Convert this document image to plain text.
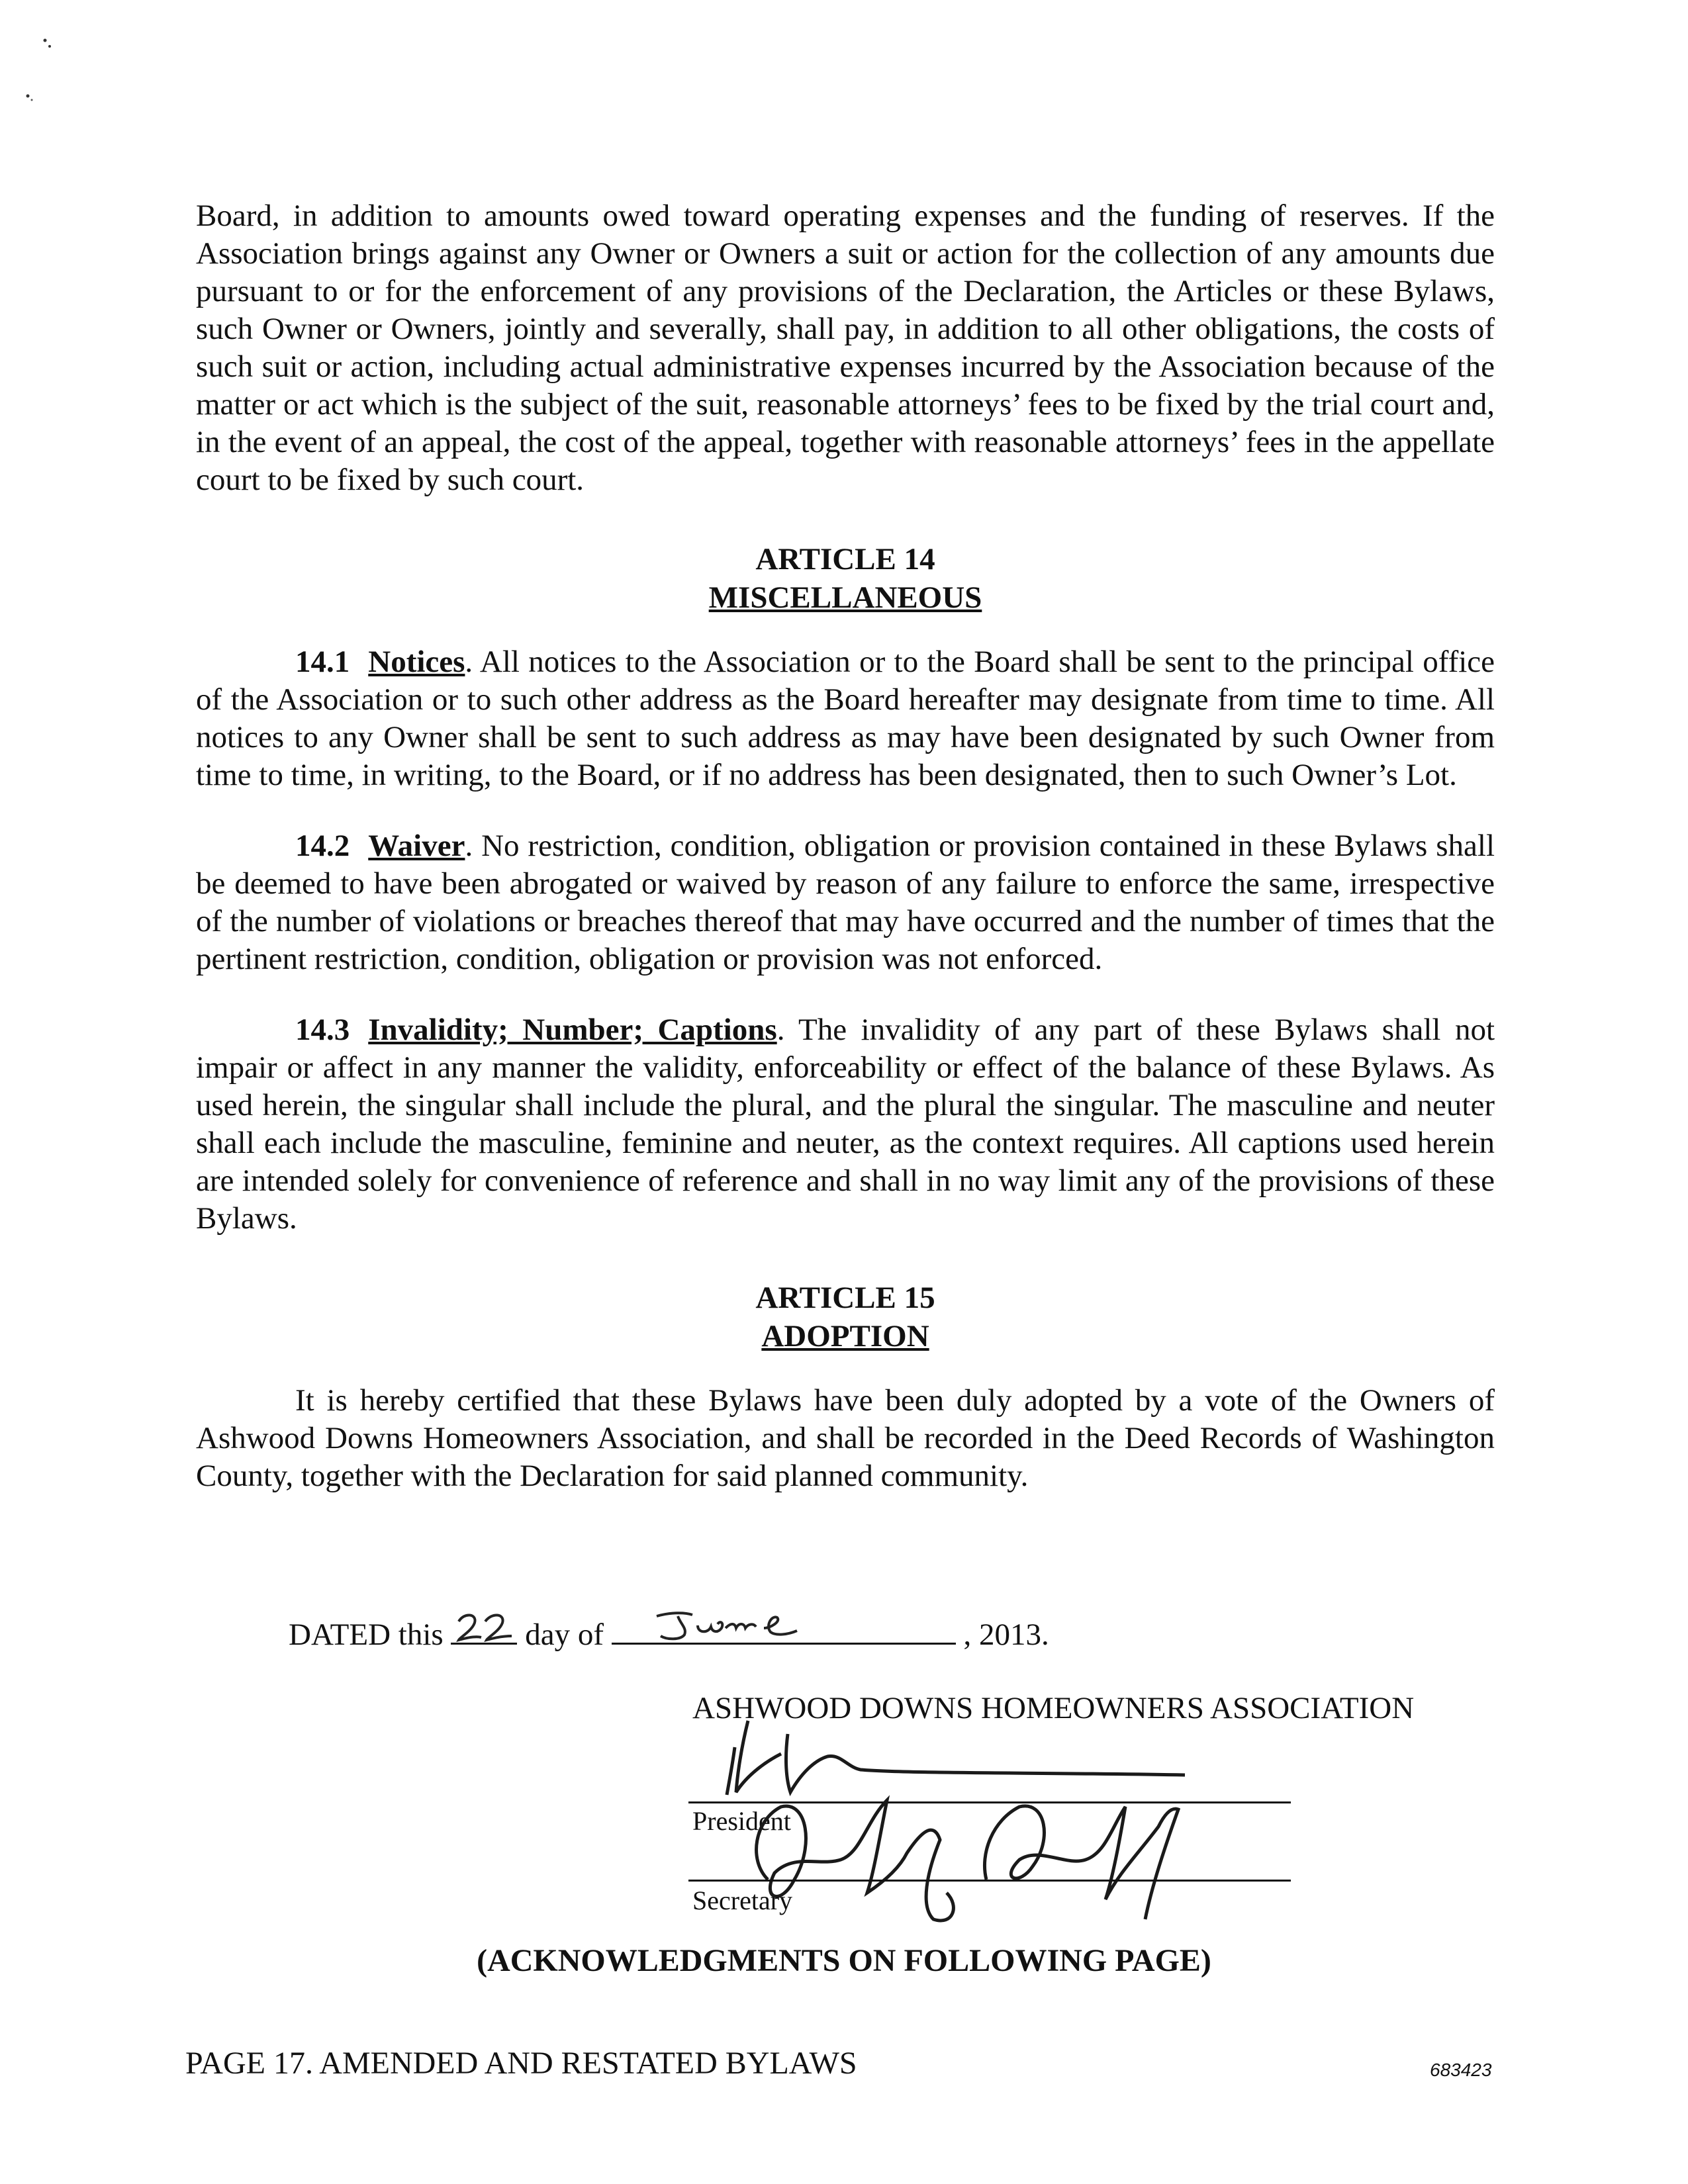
Board, in addition to amounts owed toward operating expenses and the funding of reserves. If the Association brings against any Owner or Owners a suit or action for the collection of any amounts due pursuant to or for the enforcement of any provisions of the Declaration, the Articles or these Bylaws, such Owner or Owners, jointly and severally, shall pay, in addition to all other obligations, the costs of such suit or action, including actual administrative expenses incurred by the Association because of the matter or act which is the subject of the suit, reasonable attorneys’ fees to be fixed by the trial court and, in the event of an appeal, the cost of the appeal, together with reasonable attorneys’ fees in the appellate court to be fixed by such court.

ARTICLE 14
MISCELLANEOUS

14.1 Notices. All notices to the Association or to the Board shall be sent to the principal office of the Association or to such other address as the Board hereafter may designate from time to time. All notices to any Owner shall be sent to such address as may have been designated by such Owner from time to time, in writing, to the Board, or if no address has been designated, then to such Owner’s Lot.

14.2 Waiver. No restriction, condition, obligation or provision contained in these Bylaws shall be deemed to have been abrogated or waived by reason of any failure to enforce the same, irrespective of the number of violations or breaches thereof that may have occurred and the number of times that the pertinent restriction, condition, obligation or provision was not enforced.

14.3 Invalidity; Number; Captions. The invalidity of any part of these Bylaws shall not impair or affect in any manner the validity, enforceability or effect of the balance of these Bylaws. As used herein, the singular shall include the plural, and the plural the singular. The masculine and neuter shall each include the masculine, feminine and neuter, as the context requires. All captions used herein are intended solely for convenience of reference and shall in no way limit any of the provisions of these Bylaws.

ARTICLE 15
ADOPTION

It is hereby certified that these Bylaws have been duly adopted by a vote of the Owners of Ashwood Downs Homeowners Association, and shall be recorded in the Deed Records of Washington County, together with the Declaration for said planned community.

DATED this	day of	, 2013.
ASHWOOD DOWNS HOMEOWNERS ASSOCIATION
President
Secretary
(ACKNOWLEDGMENTS ON FOLLOWING PAGE)
PAGE 17. AMENDED AND RESTATED BYLAWS	683423
